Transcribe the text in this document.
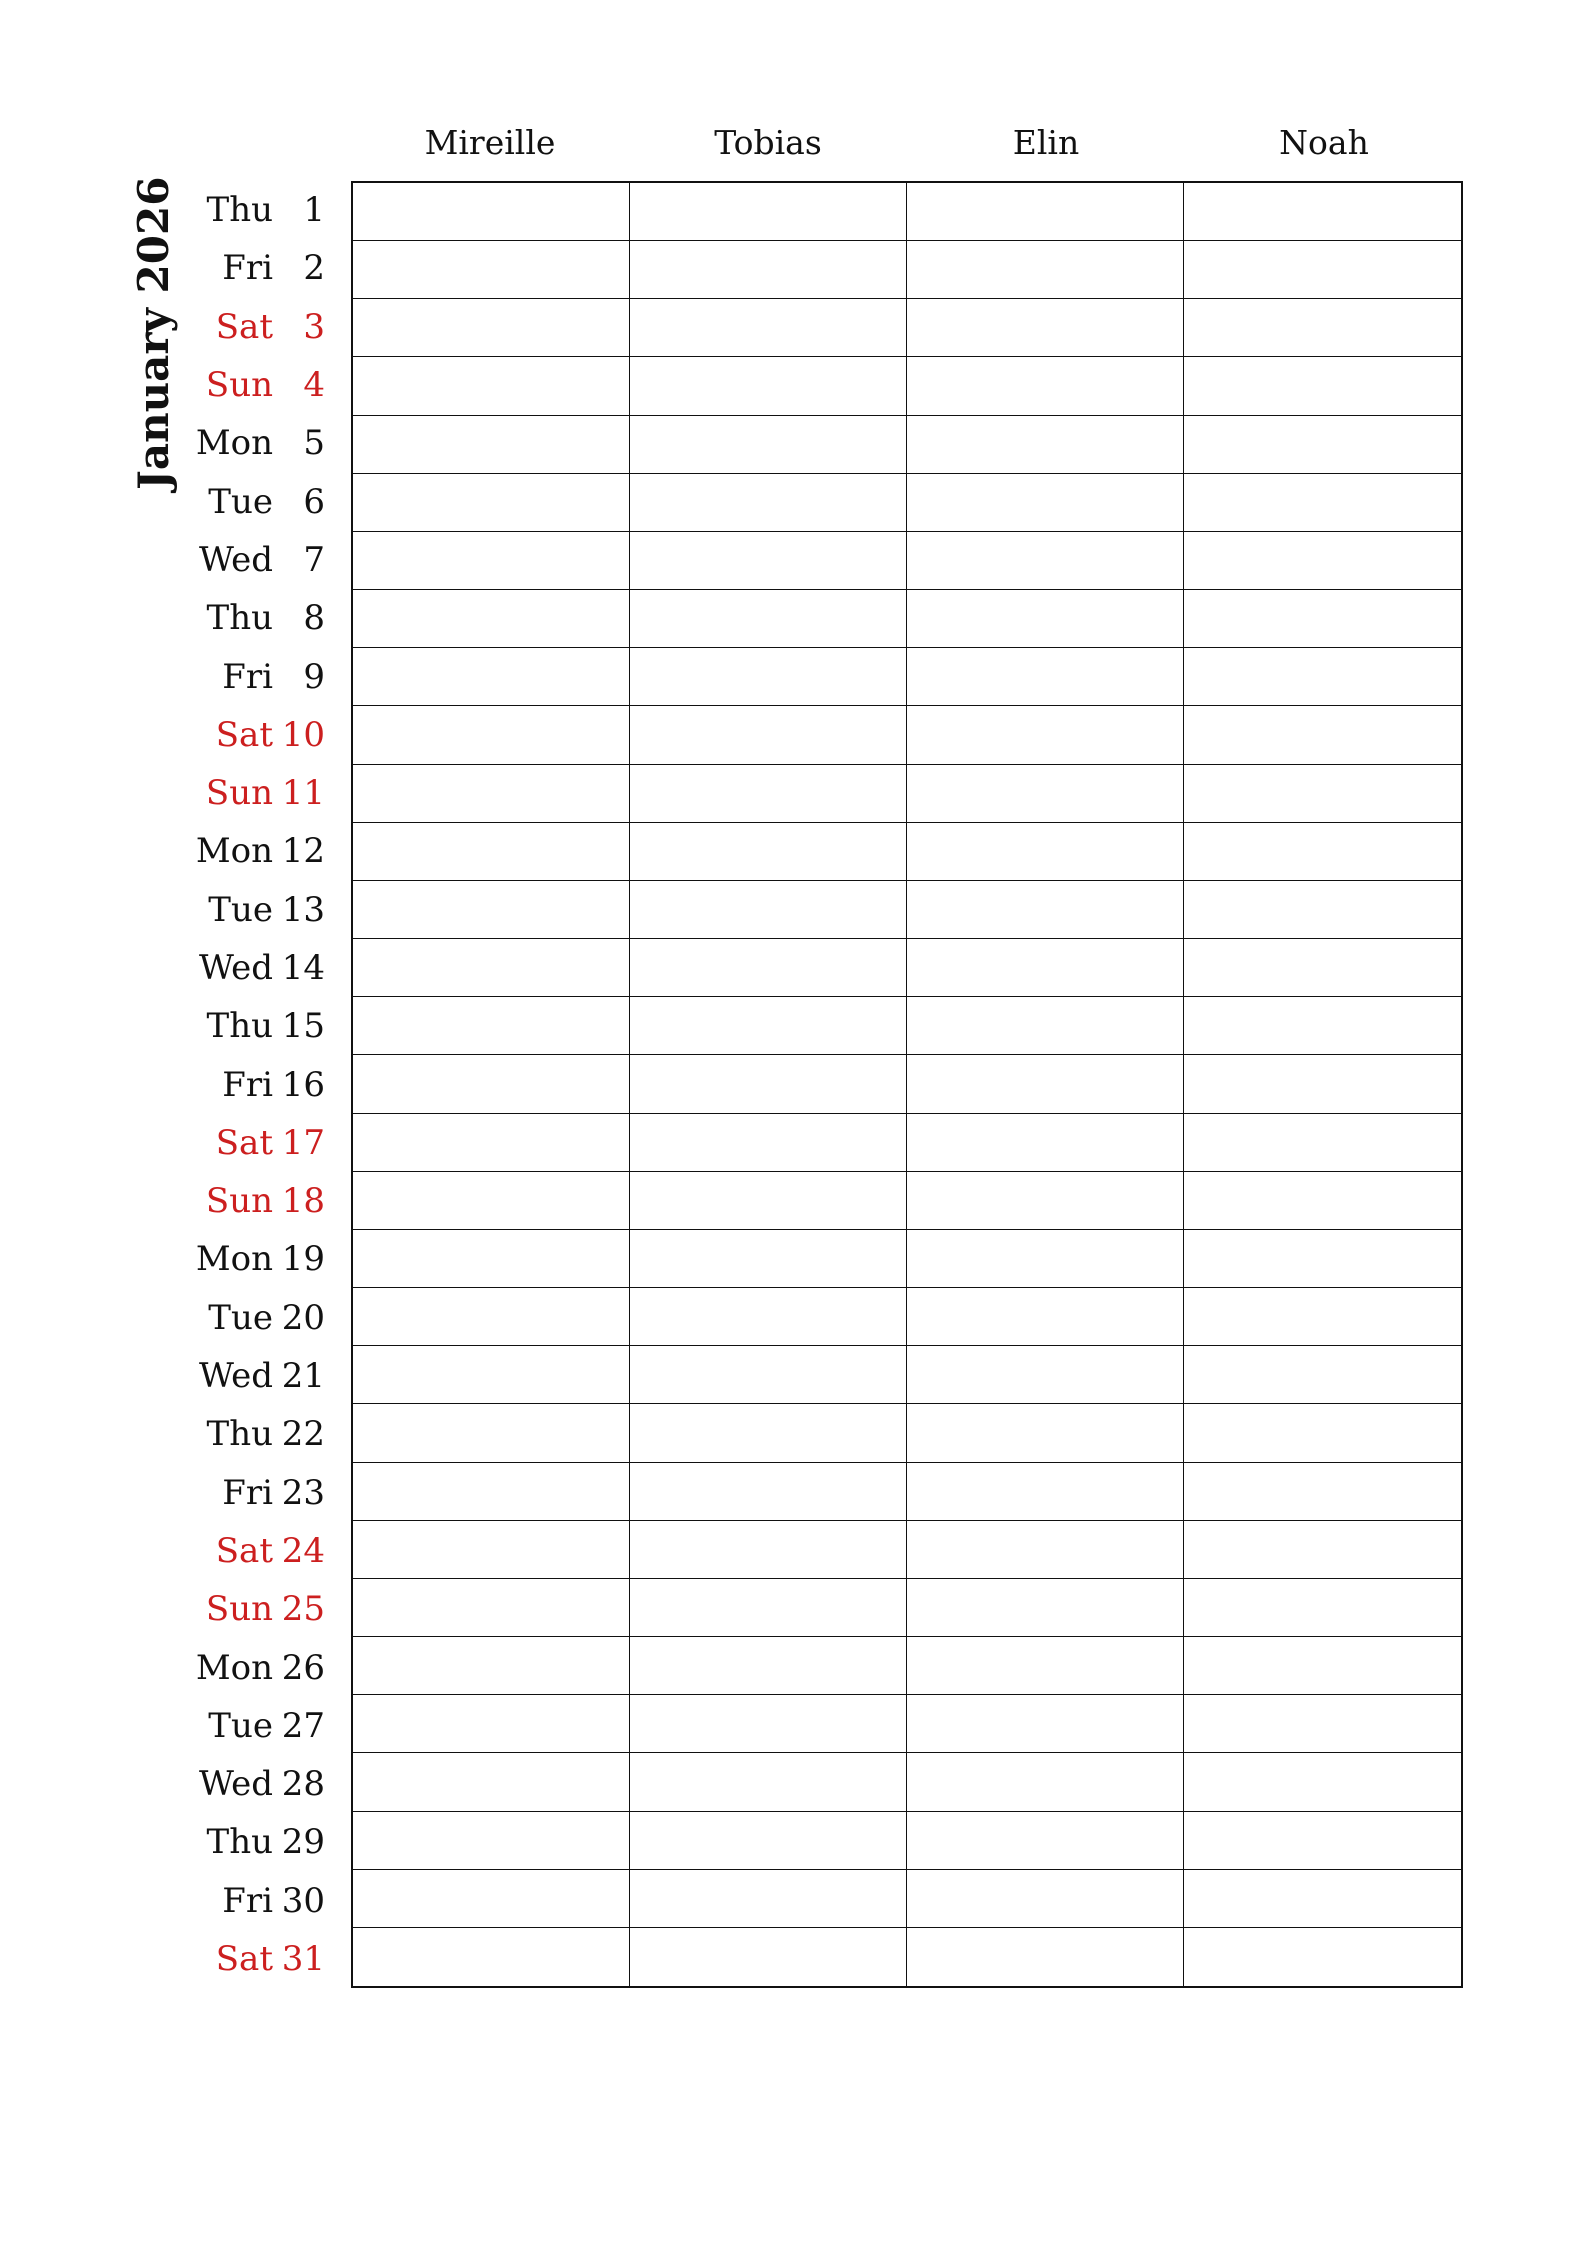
January 2026
Mireille	Tobias	Elin	Noah
Thu 1
Fri 2
Sat 3
Sun 4
Mon 5
Tue 6
Wed 7
Thu 8
Fri 9
Sat 10
Sun 11
Mon 12
Tue 13
Wed 14
Thu 15
Fri 16
Sat 17
Sun 18
Mon 19
Tue 20
Wed 21
Thu 22
Fri 23
Sat 24
Sun 25
Mon 26
Tue 27
Wed 28
Thu 29
Fri 30
Sat 31
